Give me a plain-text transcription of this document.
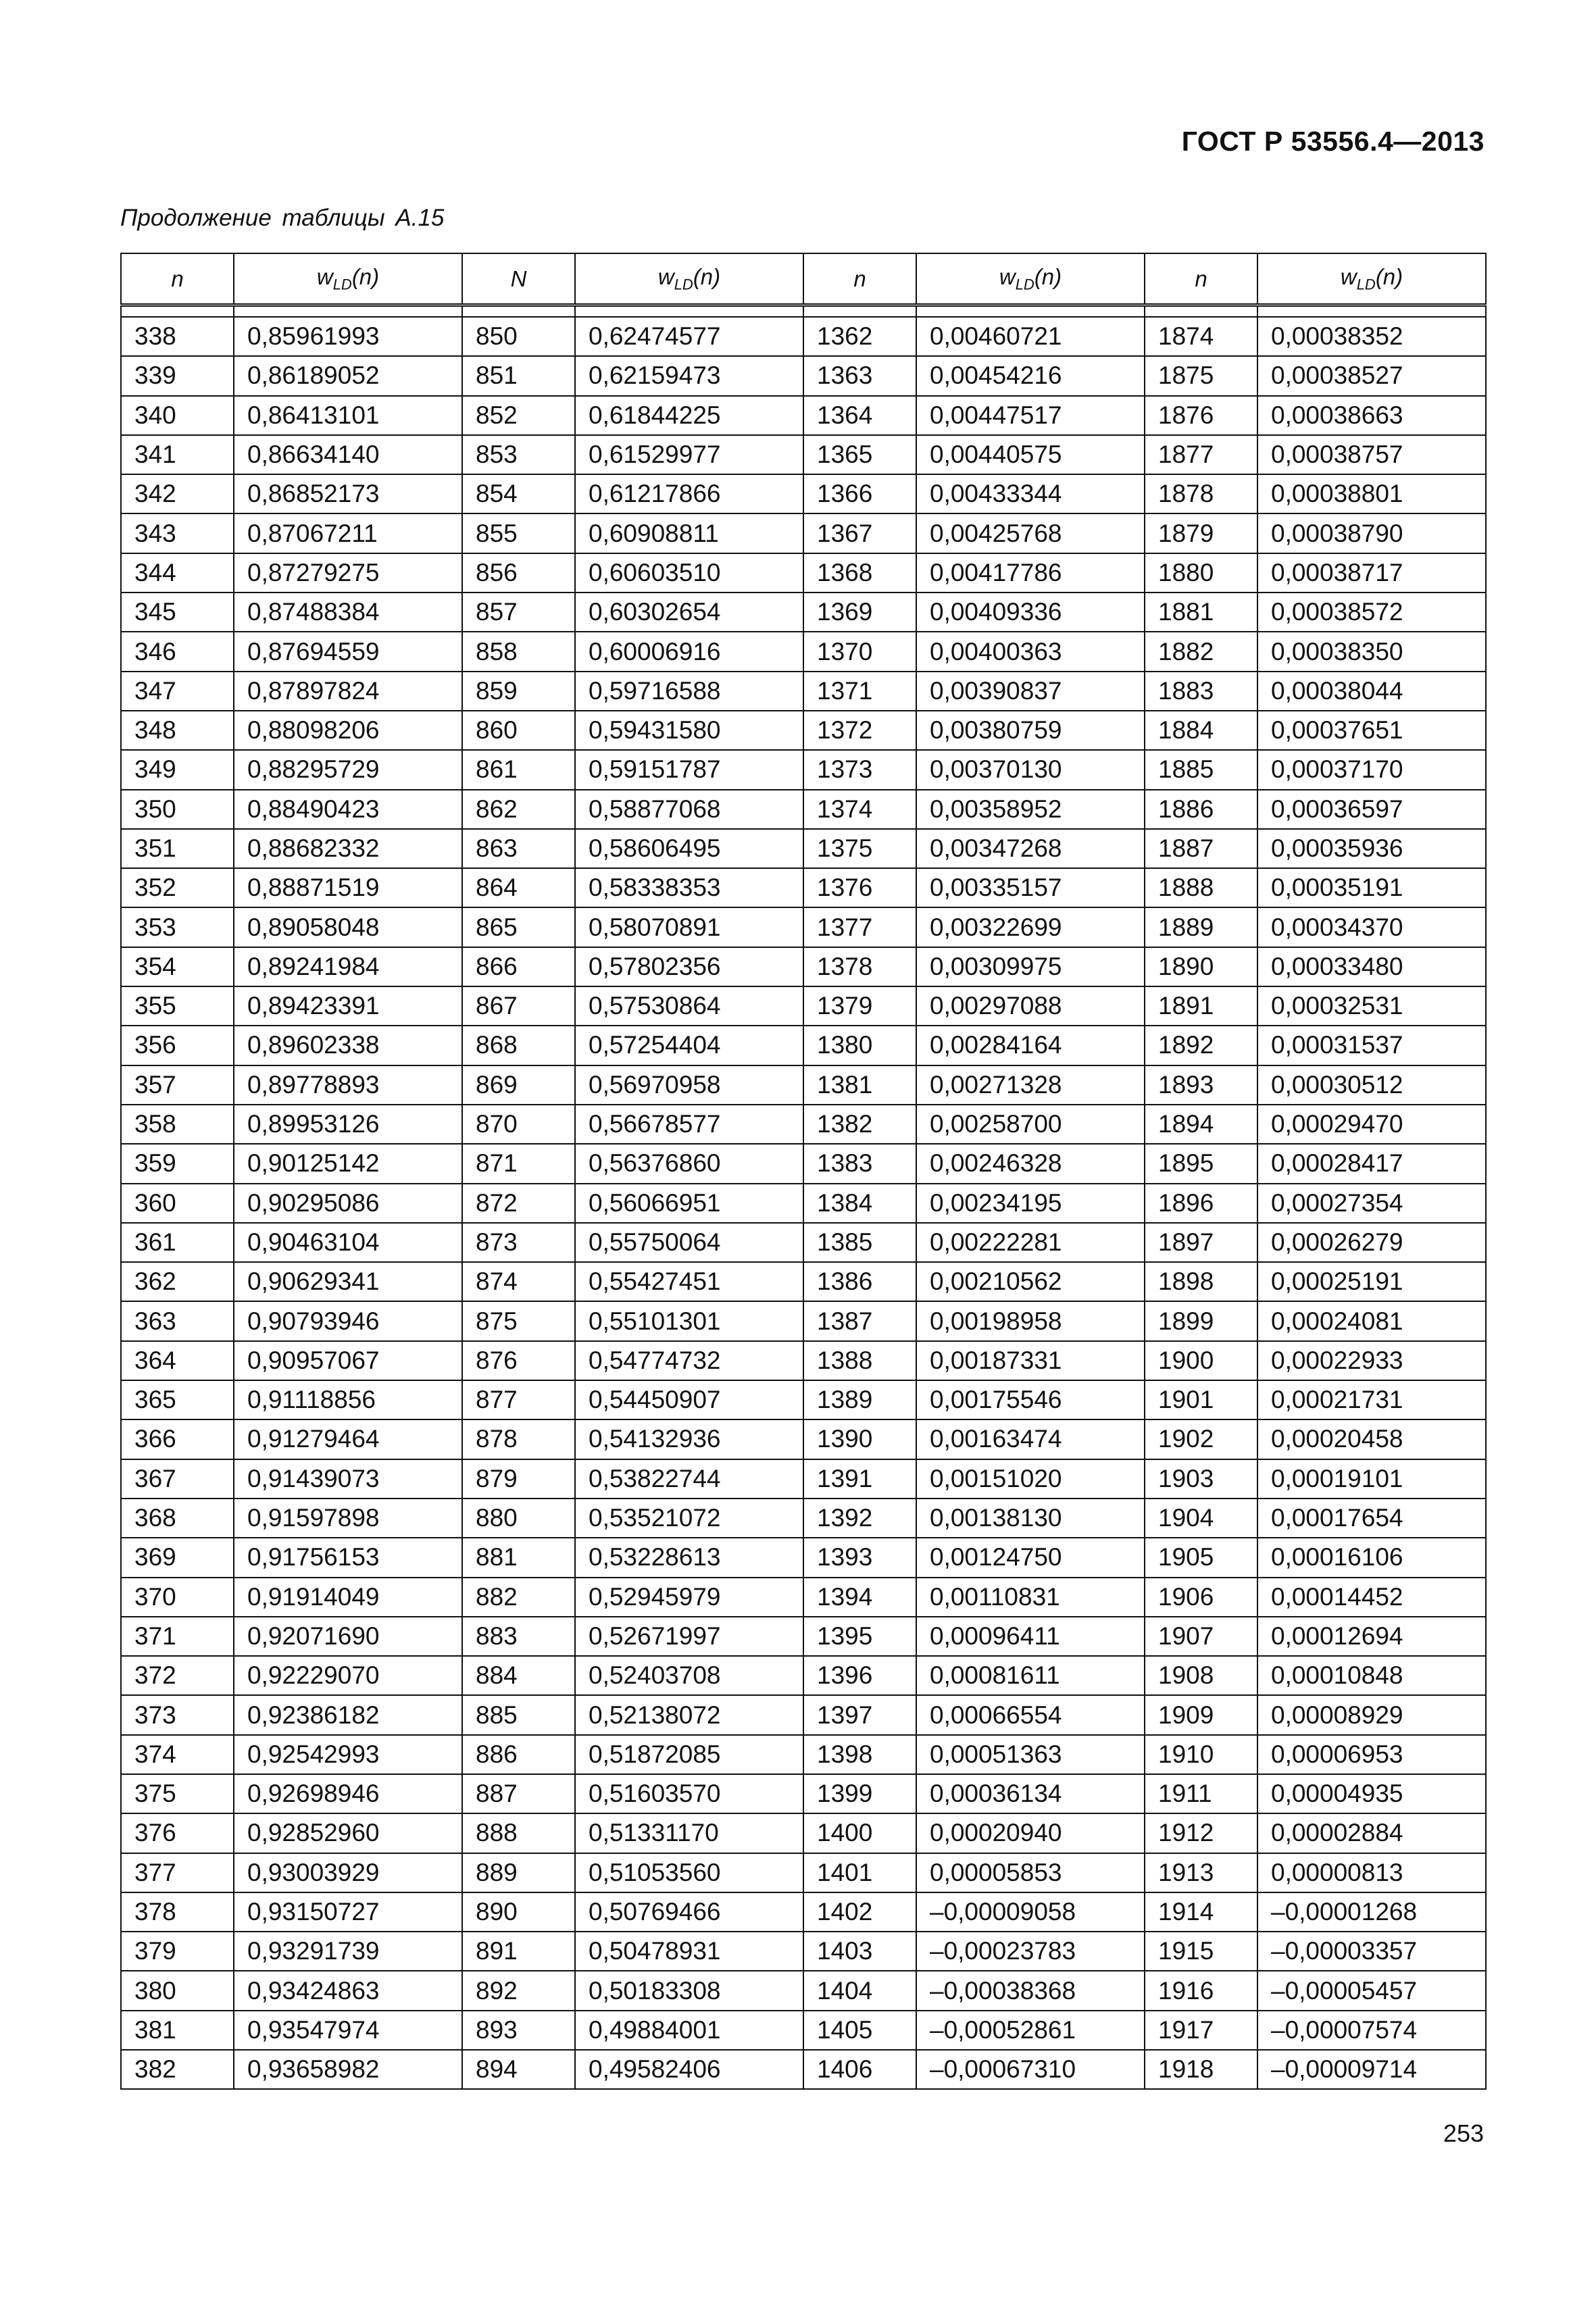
ГОСТ Р 53556.4—2013
Продолжение таблицы А.15
n	$w_{LD}(n)$	N	$w_{LD}(n)$	n	$w_{LD}(n)$	n	$w_{LD}(n)$

338	0,85961993	850	0,62474577	1362	0,00460721	1874	0,00038352
339	0,86189052	851	0,62159473	1363	0,00454216	1875	0,00038527
340	0,86413101	852	0,61844225	1364	0,00447517	1876	0,00038663
341	0,86634140	853	0,61529977	1365	0,00440575	1877	0,00038757
342	0,86852173	854	0,61217866	1366	0,00433344	1878	0,00038801
343	0,87067211	855	0,60908811	1367	0,00425768	1879	0,00038790
344	0,87279275	856	0,60603510	1368	0,00417786	1880	0,00038717
345	0,87488384	857	0,60302654	1369	0,00409336	1881	0,00038572
346	0,87694559	858	0,60006916	1370	0,00400363	1882	0,00038350
347	0,87897824	859	0,59716588	1371	0,00390837	1883	0,00038044
348	0,88098206	860	0,59431580	1372	0,00380759	1884	0,00037651
349	0,88295729	861	0,59151787	1373	0,00370130	1885	0,00037170
350	0,88490423	862	0,58877068	1374	0,00358952	1886	0,00036597
351	0,88682332	863	0,58606495	1375	0,00347268	1887	0,00035936
352	0,88871519	864	0,58338353	1376	0,00335157	1888	0,00035191
353	0,89058048	865	0,58070891	1377	0,00322699	1889	0,00034370
354	0,89241984	866	0,57802356	1378	0,00309975	1890	0,00033480
355	0,89423391	867	0,57530864	1379	0,00297088	1891	0,00032531
356	0,89602338	868	0,57254404	1380	0,00284164	1892	0,00031537
357	0,89778893	869	0,56970958	1381	0,00271328	1893	0,00030512
358	0,89953126	870	0,56678577	1382	0,00258700	1894	0,00029470
359	0,90125142	871	0,56376860	1383	0,00246328	1895	0,00028417
360	0,90295086	872	0,56066951	1384	0,00234195	1896	0,00027354
361	0,90463104	873	0,55750064	1385	0,00222281	1897	0,00026279
362	0,90629341	874	0,55427451	1386	0,00210562	1898	0,00025191
363	0,90793946	875	0,55101301	1387	0,00198958	1899	0,00024081
364	0,90957067	876	0,54774732	1388	0,00187331	1900	0,00022933
365	0,91118856	877	0,54450907	1389	0,00175546	1901	0,00021731
366	0,91279464	878	0,54132936	1390	0,00163474	1902	0,00020458
367	0,91439073	879	0,53822744	1391	0,00151020	1903	0,00019101
368	0,91597898	880	0,53521072	1392	0,00138130	1904	0,00017654
369	0,91756153	881	0,53228613	1393	0,00124750	1905	0,00016106
370	0,91914049	882	0,52945979	1394	0,00110831	1906	0,00014452
371	0,92071690	883	0,52671997	1395	0,00096411	1907	0,00012694
372	0,92229070	884	0,52403708	1396	0,00081611	1908	0,00010848
373	0,92386182	885	0,52138072	1397	0,00066554	1909	0,00008929
374	0,92542993	886	0,51872085	1398	0,00051363	1910	0,00006953
375	0,92698946	887	0,51603570	1399	0,00036134	1911	0,00004935
376	0,92852960	888	0,51331170	1400	0,00020940	1912	0,00002884
377	0,93003929	889	0,51053560	1401	0,00005853	1913	0,00000813
378	0,93150727	890	0,50769466	1402	–0,00009058	1914	–0,00001268
379	0,93291739	891	0,50478931	1403	–0,00023783	1915	–0,00003357
380	0,93424863	892	0,50183308	1404	–0,00038368	1916	–0,00005457
381	0,93547974	893	0,49884001	1405	–0,00052861	1917	–0,00007574
382	0,93658982	894	0,49582406	1406	–0,00067310	1918	–0,00009714
253
